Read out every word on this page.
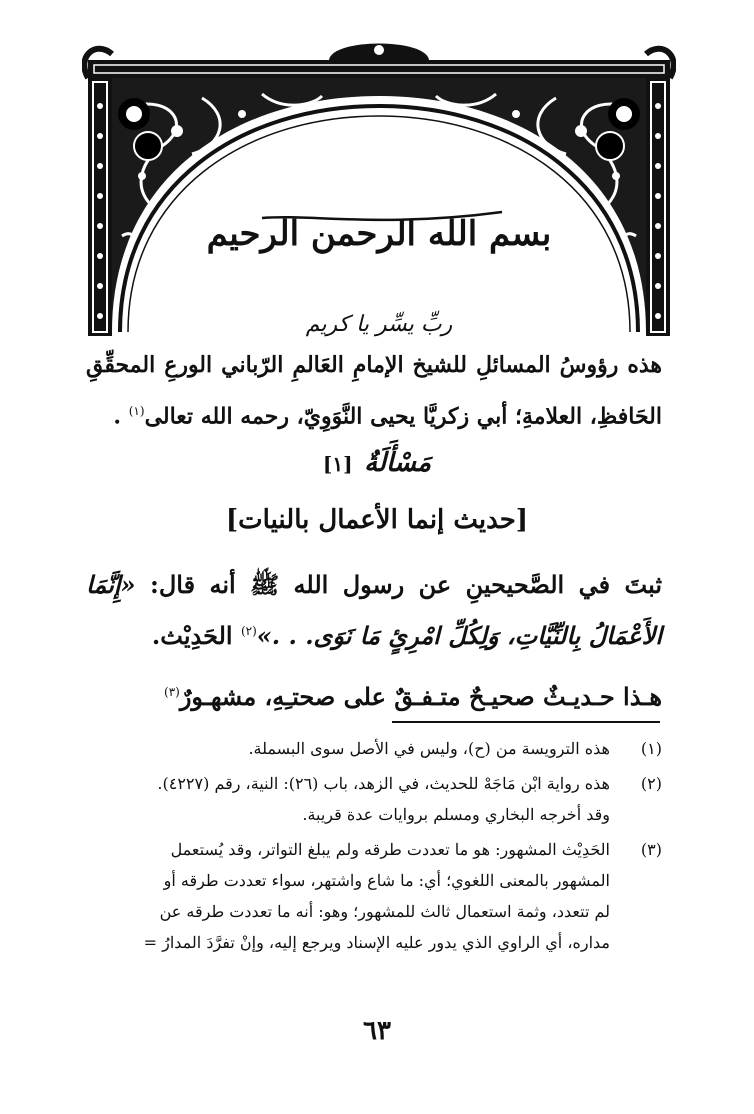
بسم الله الرحمن الرحيم
ربِّ يسِّر يا كريم
هذه رؤوسُ المسائلِ للشيخ الإمامِ العَالمِ الرّباني الورعِ المحقِّقِ الحَافظِ، العلامةِ؛ أبي زكريَّا يحيى النَّوَوِيّ، رحمه الله تعالى$^{(١)}$ .
مَسْأَلَةٌ [١]
[حديث إنما الأعمال بالنيات]

ثبتَ في الصَّحيحينِ عن رسول الله ﷺ أنه قال: «إِنَّمَا الأَعْمَالُ بِالنِّيَّاتِ، وَلِكُلِّ امْرِئٍ مَا نَوَى. . .»$^{(٢)}$ الحَدِيْث.

هـذا حـديـثٌ صحيـحٌ متـفـقٌ على صحتـِهِ، مشهـورٌ$^{(٣)}$

(١)
هذه الترويسة من (ح)، وليس في الأصل سوى البسملة.
(٢)
هذه رواية ابْن مَاجَهْ للحديث، في الزهد، باب (٢٦): النية، رقم (٤٢٢٧).
وقد أخرجه البخاري ومسلم بروايات عدة قريبة.
(٣)
الحَدِيْث المشهور: هو ما تعددت طرقه ولم يبلغ التواتر، وقد يُستعمل
المشهور بالمعنى اللغوي؛ أي: ما شاع واشتهر، سواء تعددت طرقه أو
لم تتعدد، وثمة استعمال ثالث للمشهور؛ وهو: أنه ما تعددت طرقه عن
مداره، أي الراوي الذي يدور عليه الإسناد ويرجع إليه، وإنْ تفرَّدَ المدارُ =
٦٣
